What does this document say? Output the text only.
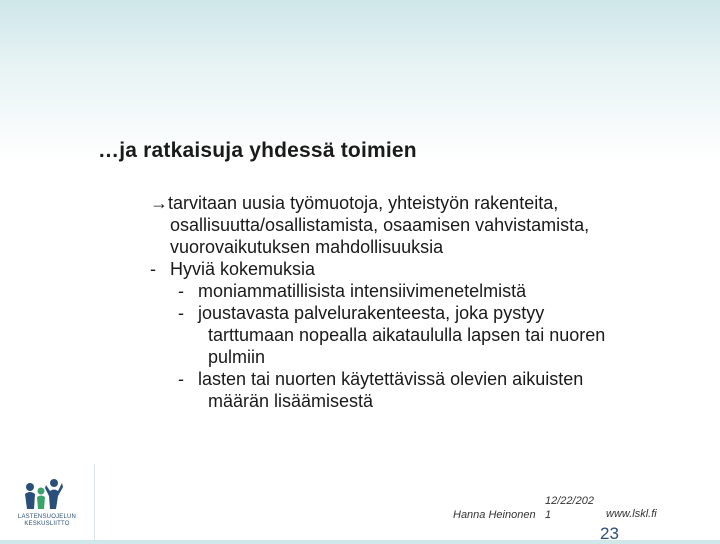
…ja ratkaisuja yhdessä toimien
→tarvitaan uusia työmuotoja, yhteistyön rakenteita,
osallisuutta/osallistamista, osaamisen vahvistamista,
vuorovaikutuksen mahdollisuuksia
- Hyviä kokemuksia
- moniammatillisista intensiivimenetelmistä
- joustavasta palvelurakenteesta, joka pystyy
tarttumaan nopealla aikataululla lapsen tai nuoren
pulmiin
- lasten tai nuorten käytettävissä olevien aikuisten
määrän lisäämisestä
LASTENSUOJELUN
KESKUSLIITTO
Hanna Heinonen
12/22/202
1	www.lskl.fi
23
